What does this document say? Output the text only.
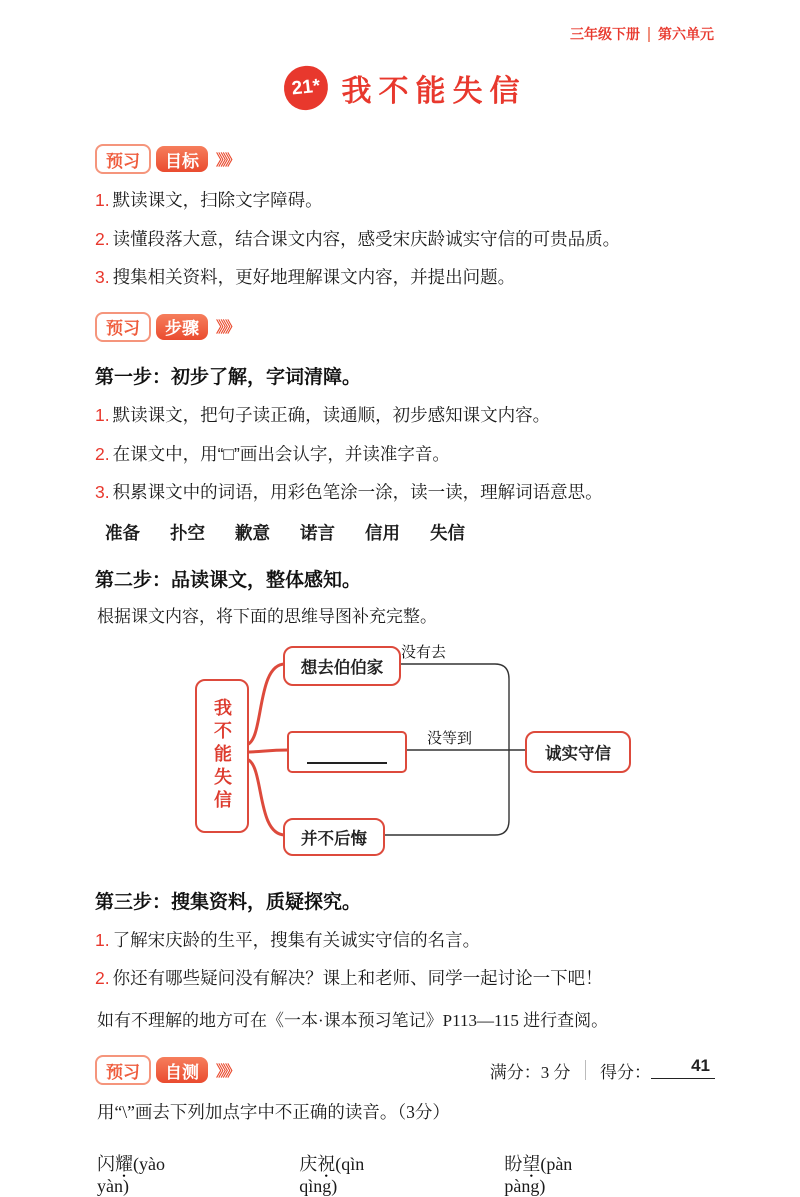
三年级下册 第六单元
21* 我不能失信
预习	目标	》》》
1. 默读课文，扫除文字障碍。
2. 读懂段落大意，结合课文内容，感受宋庆龄诚实守信的可贵品质。
3. 搜集相关资料，更好地理解课文内容，并提出问题。
预习	步骤	》》》
第一步：初步了解，字词清障。
1. 默读课文，把句子读正确，读通顺，初步感知课文内容。
2. 在课文中，用“□”画出会认字，并读准字音。
3. 积累课文中的词语，用彩色笔涂一涂，读一读，理解词语意思。
准备 扑空 歉意 诺言 信用 失信
第二步：品读课文，整体感知。
根据课文内容，将下面的思维导图补充完整。
我不能失信
想去伯伯家
并不后悔
诚实守信
没有去
没等到
第三步：搜集资料，质疑探究。
1. 了解宋庆龄的生平，搜集有关诚实守信的名言。
2. 你还有哪些疑问没有解决？课上和老师、同学一起讨论一下吧！
如有不理解的地方可在《一本·课本预习笔记》P113—115 进行查阅。
预习	自测	》》》	满分：3 分 得分：
用“\”画去下列加点字中不正确的读音。（3分）
闪耀(yào　yàn)
庆祝(qìn　qìng)
盼望(pàn　pàng)
41
